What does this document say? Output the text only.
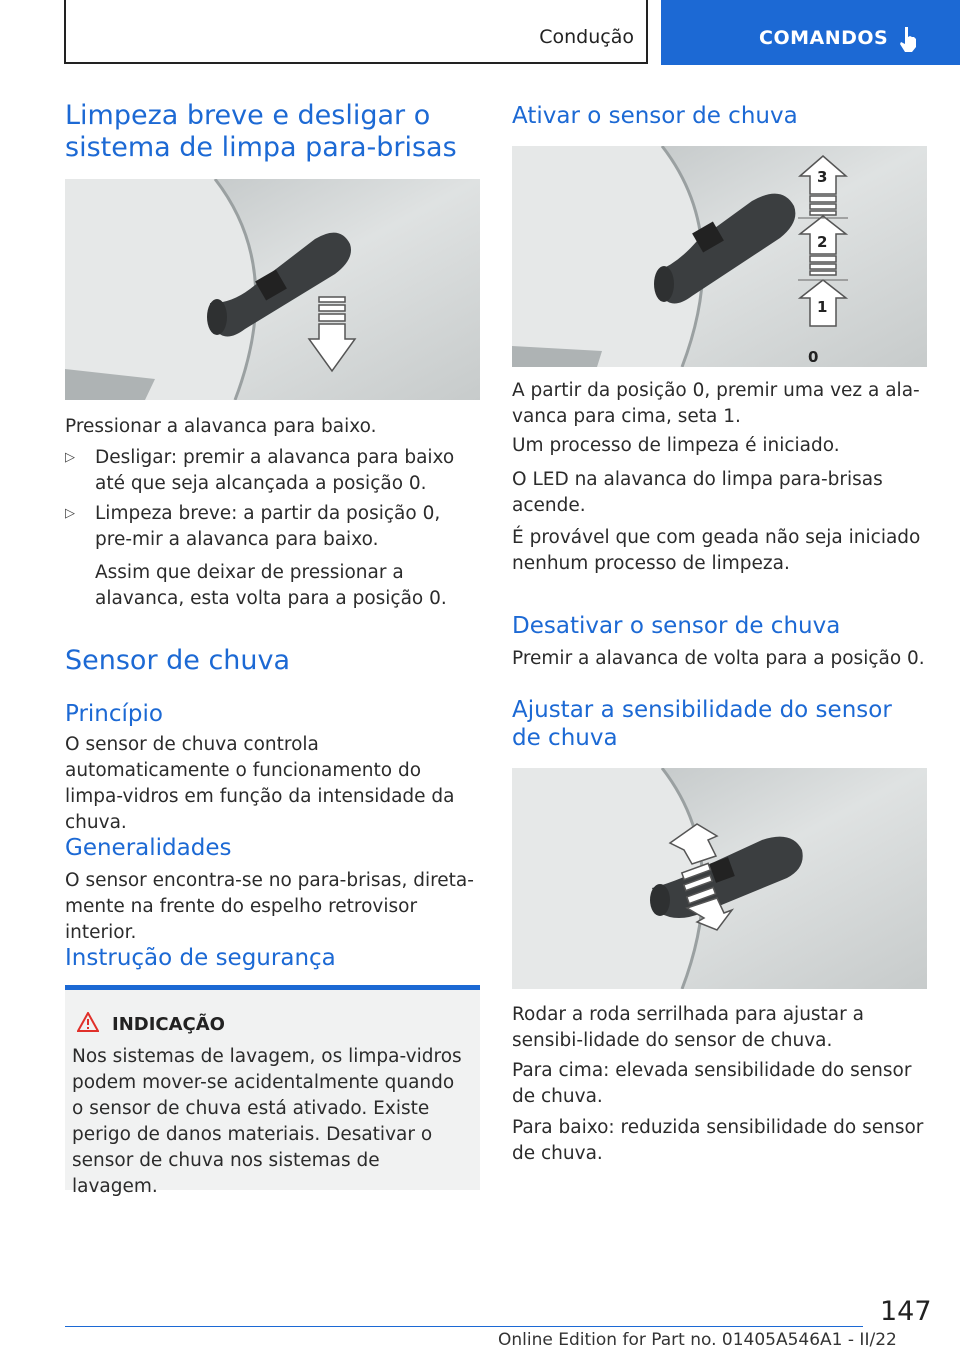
Condução	COMANDOS
Limpeza breve e desligar o sistema de limpa para-brisas

Pressionar a alavanca para baixo.

▷ Desligar: premir a alavanca para baixo até que seja alcançada a posição 0.

▷ Limpeza breve: a partir da posição 0, pre-mir a alavanca para baixo.

Assim que deixar de pressionar a alavanca, esta volta para a posição 0.

Sensor de chuva
Princípio

O sensor de chuva controla automaticamente o funcionamento do limpa-vidros em função da intensidade da chuva.

Generalidades

O sensor encontra-se no para-brisas, direta-mente na frente do espelho retrovisor interior.

Instrução de segurança
INDICAÇÃO

Nos sistemas de lavagem, os limpa-vidros podem mover-se acidentalmente quando o sensor de chuva está ativado. Existe perigo de danos materiais. Desativar o sensor de chuva nos sistemas de lavagem.

Ativar o sensor de chuva
3
2
1
0

A partir da posição 0, premir uma vez a ala-vanca para cima, seta 1.

Um processo de limpeza é iniciado.

O LED na alavanca do limpa para-brisas acende.

É provável que com geada não seja iniciado nenhum processo de limpeza.

Desativar o sensor de chuva

Premir a alavanca de volta para a posição 0.

Ajustar a sensibilidade do sensor de chuva

Rodar a roda serrilhada para ajustar a sensibi-lidade do sensor de chuva.

Para cima: elevada sensibilidade do sensor de chuva.

Para baixo: reduzida sensibilidade do sensor de chuva.

147
Online Edition for Part no. 01405A546A1 - II/22
